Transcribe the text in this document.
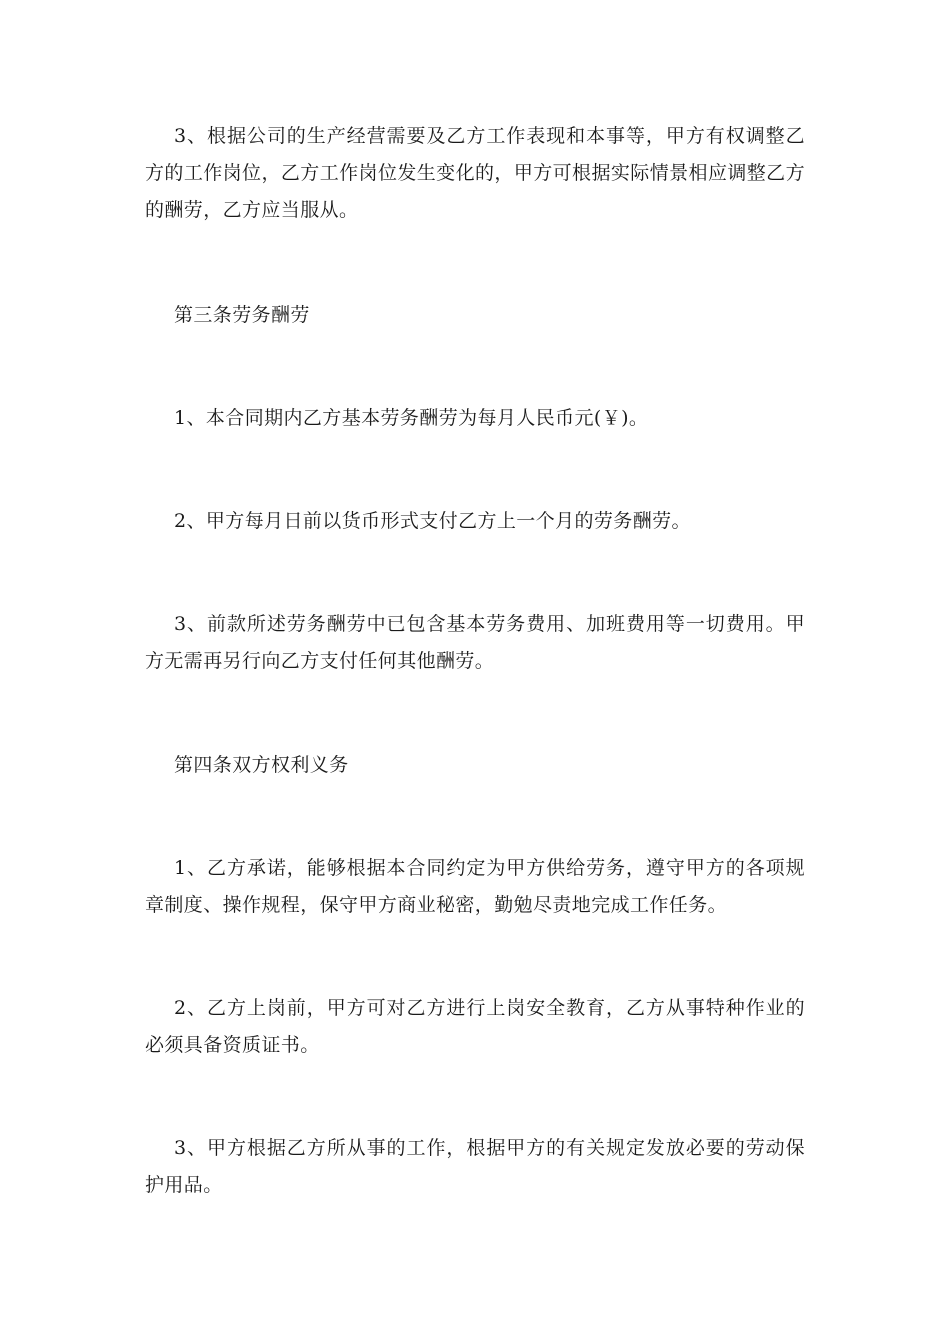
3、根据公司的生产经营需要及乙方工作表现和本事等，甲方有权调整乙方的工作岗位，乙方工作岗位发生变化的，甲方可根据实际情景相应调整乙方的酬劳，乙方应当服从。

第三条劳务酬劳

1、本合同期内乙方基本劳务酬劳为每月人民币元(￥)。

2、甲方每月日前以货币形式支付乙方上一个月的劳务酬劳。

3、前款所述劳务酬劳中已包含基本劳务费用、加班费用等一切费用。甲方无需再另行向乙方支付任何其他酬劳。

第四条双方权利义务

1、乙方承诺，能够根据本合同约定为甲方供给劳务，遵守甲方的各项规章制度、操作规程，保守甲方商业秘密，勤勉尽责地完成工作任务。

2、乙方上岗前，甲方可对乙方进行上岗安全教育，乙方从事特种作业的必须具备资质证书。

3、甲方根据乙方所从事的工作，根据甲方的有关规定发放必要的劳动保护用品。
